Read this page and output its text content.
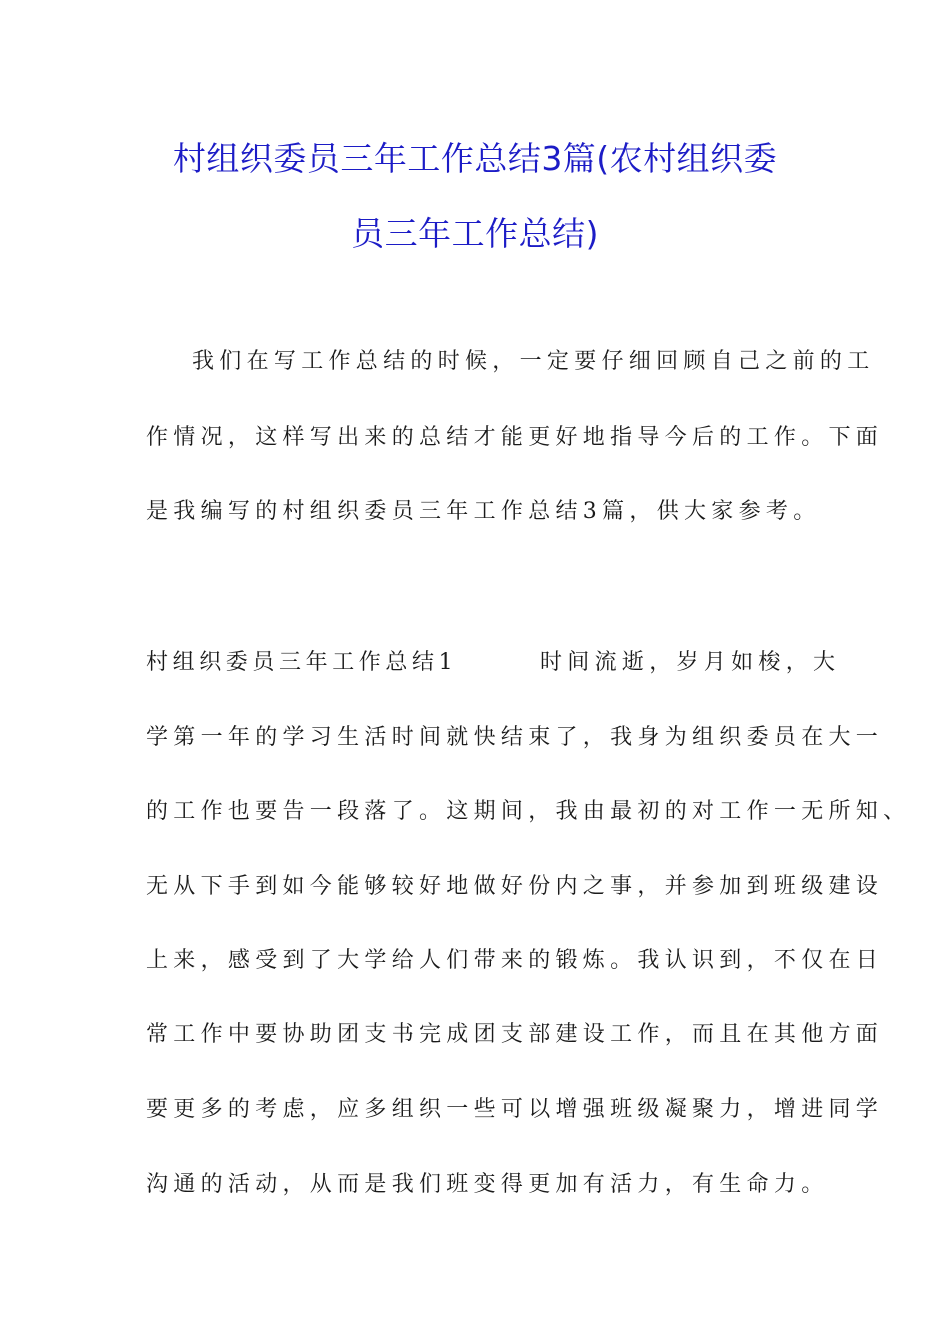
村组织委员三年工作总结3篇(农村组织委
员三年工作总结)
我们在写工作总结的时候，一定要仔细回顾自己之前的工
作情况，这样写出来的总结才能更好地指导今后的工作。下面
是我编写的村组织委员三年工作总结3篇，供大家参考。
村组织委员三年工作总结1	时间流逝，岁月如梭，大
学第一年的学习生活时间就快结束了，我身为组织委员在大一
的工作也要告一段落了。这期间，我由最初的对工作一无所知、
无从下手到如今能够较好地做好份内之事，并参加到班级建设
上来，感受到了大学给人们带来的锻炼。我认识到，不仅在日
常工作中要协助团支书完成团支部建设工作，而且在其他方面
要更多的考虑，应多组织一些可以增强班级凝聚力，增进同学
沟通的活动，从而是我们班变得更加有活力，有生命力。
